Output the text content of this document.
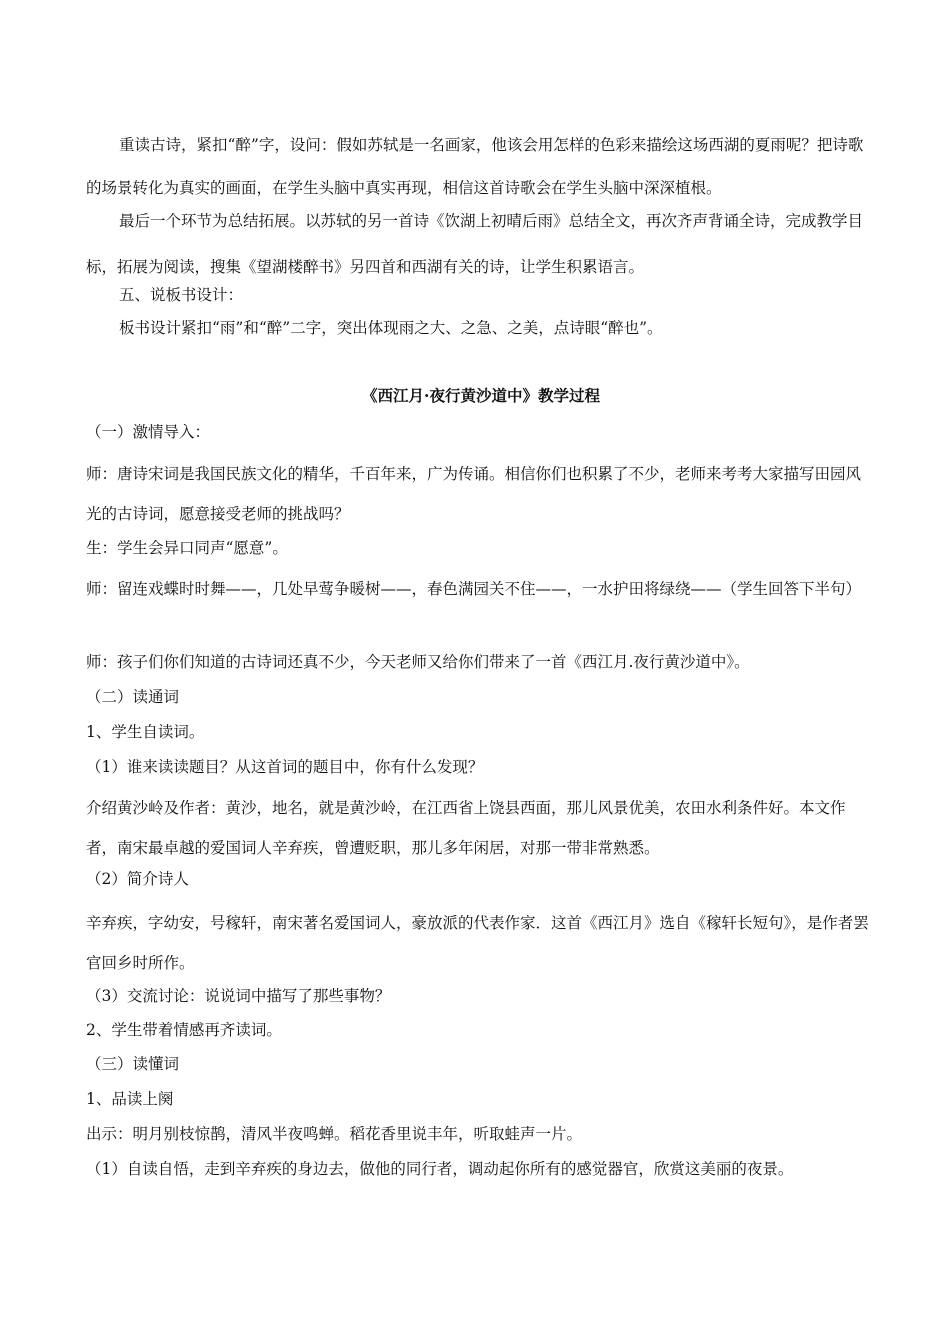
重读古诗，紧扣“醉”字，设问：假如苏轼是一名画家，他该会用怎样的色彩来描绘这场西湖的夏雨呢？把诗歌的场景转化为真实的画面，在学生头脑中真实再现，相信这首诗歌会在学生头脑中深深植根。

最后一个环节为总结拓展。以苏轼的另一首诗《饮湖上初晴后雨》总结全文，再次齐声背诵全诗，完成教学目标，拓展为阅读，搜集《望湖楼醉书》另四首和西湖有关的诗，让学生积累语言。

五、说板书设计：

板书设计紧扣“雨”和“醉”二字，突出体现雨之大、之急、之美，点诗眼“醉也”。

《西江月·夜行黄沙道中》教学过程

（一）激情导入：

师：唐诗宋词是我国民族文化的精华，千百年来，广为传诵。相信你们也积累了不少，老师来考考大家描写田园风光的古诗词，愿意接受老师的挑战吗？

生：学生会异口同声“愿意”。

师：留连戏蝶时时舞——，几处早莺争暖树——，春色满园关不住——，一水护田将绿绕——（学生回答下半句）

师：孩子们你们知道的古诗词还真不少，今天老师又给你们带来了一首《西江月.夜行黄沙道中》。

（二）读通词

1、学生自读词。

（1）谁来读读题目？从这首词的题目中，你有什么发现？

介绍黄沙岭及作者：黄沙，地名，就是黄沙岭，在江西省上饶县西面，那儿风景优美，农田水利条件好。本文作者，南宋最卓越的爱国词人辛弃疾，曾遭贬职，那儿多年闲居，对那一带非常熟悉。

（2）简介诗人

辛弃疾，字幼安，号稼轩，南宋著名爱国词人，豪放派的代表作家．这首《西江月》选自《稼轩长短句》，是作者罢官回乡时所作。

（3）交流讨论：说说词中描写了那些事物？

2、学生带着情感再齐读词。

（三）读懂词

1、品读上阕

出示：明月别枝惊鹊，清风半夜鸣蝉。稻花香里说丰年，听取蛙声一片。

（1）自读自悟，走到辛弃疾的身边去，做他的同行者，调动起你所有的感觉器官，欣赏这美丽的夜景。
